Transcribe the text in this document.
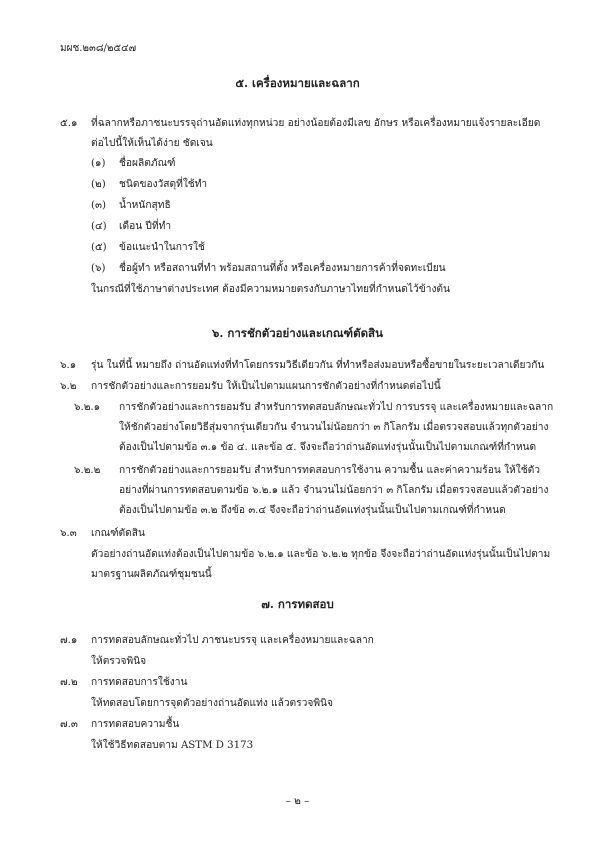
มผช.๒๓๘/๒๕๔๗
๕. เครื่องหมายและฉลาก
๕.๑ ที่ฉลากหรือภาชนะบรรจุถ่านอัดแท่งทุกหน่วย อย่างน้อยต้องมีเลข อักษร หรือเครื่องหมายแจ้งรายละเอียด
ต่อไปนี้ให้เห็นได้ง่าย ชัดเจน
(๑) ชื่อผลิตภัณฑ์
(๒) ชนิดของวัสดุที่ใช้ทำ
(๓) น้ำหนักสุทธิ
(๔) เดือน ปีที่ทำ
(๕) ข้อแนะนำในการใช้
(๖) ชื่อผู้ทำ หรือสถานที่ทำ พร้อมสถานที่ตั้ง หรือเครื่องหมายการค้าที่จดทะเบียน
ในกรณีที่ใช้ภาษาต่างประเทศ ต้องมีความหมายตรงกับภาษาไทยที่กำหนดไว้ข้างต้น
๖. การชักตัวอย่างและเกณฑ์ตัดสิน
๖.๑ รุ่น ในที่นี้ หมายถึง ถ่านอัดแท่งที่ทำโดยกรรมวิธีเดียวกัน ที่ทำหรือส่งมอบหรือซื้อขายในระยะเวลาเดียวกัน
๖.๒ การชักตัวอย่างและการยอมรับ ให้เป็นไปตามแผนการชักตัวอย่างที่กำหนดต่อไปนี้
๖.๒.๑ การชักตัวอย่างและการยอมรับ สำหรับการทดสอบลักษณะทั่วไป การบรรจุ และเครื่องหมายและฉลาก
ให้ชักตัวอย่างโดยวิธีสุ่มจากรุ่นเดียวกัน จำนวนไม่น้อยกว่า ๓ กิโลกรัม เมื่อตรวจสอบแล้วทุกตัวอย่าง
ต้องเป็นไปตามข้อ ๓.๑ ข้อ ๔. และข้อ ๕. จึงจะถือว่าถ่านอัดแท่งรุ่นนั้นเป็นไปตามเกณฑ์ที่กำหนด
๖.๒.๒ การชักตัวอย่างและการยอมรับ สำหรับการทดสอบการใช้งาน ความชื้น และค่าความร้อน ให้ใช้ตัว
อย่างที่ผ่านการทดสอบตามข้อ ๖.๒.๑ แล้ว จำนวนไม่น้อยกว่า ๓ กิโลกรัม เมื่อตรวจสอบแล้วตัวอย่าง
ต้องเป็นไปตามข้อ ๓.๒ ถึงข้อ ๓.๔ จึงจะถือว่าถ่านอัดแท่งรุ่นนั้นเป็นไปตามเกณฑ์ที่กำหนด
๖.๓ เกณฑ์ตัดสิน
ตัวอย่างถ่านอัดแท่งต้องเป็นไปตามข้อ ๖.๒.๑ และข้อ ๖.๒.๒ ทุกข้อ จึงจะถือว่าถ่านอัดแท่งรุ่นนั้นเป็นไปตาม
มาตรฐานผลิตภัณฑ์ชุมชนนี้
๗. การทดสอบ
๗.๑ การทดสอบลักษณะทั่วไป ภาชนะบรรจุ และเครื่องหมายและฉลาก
ให้ตรวจพินิจ
๗.๒ การทดสอบการใช้งาน
ให้ทดสอบโดยการจุดตัวอย่างถ่านอัดแท่ง แล้วตรวจพินิจ
๗.๓ การทดสอบความชื้น
ให้ใช้วิธีทดสอบตาม ASTM D 3173
– ๒ –
